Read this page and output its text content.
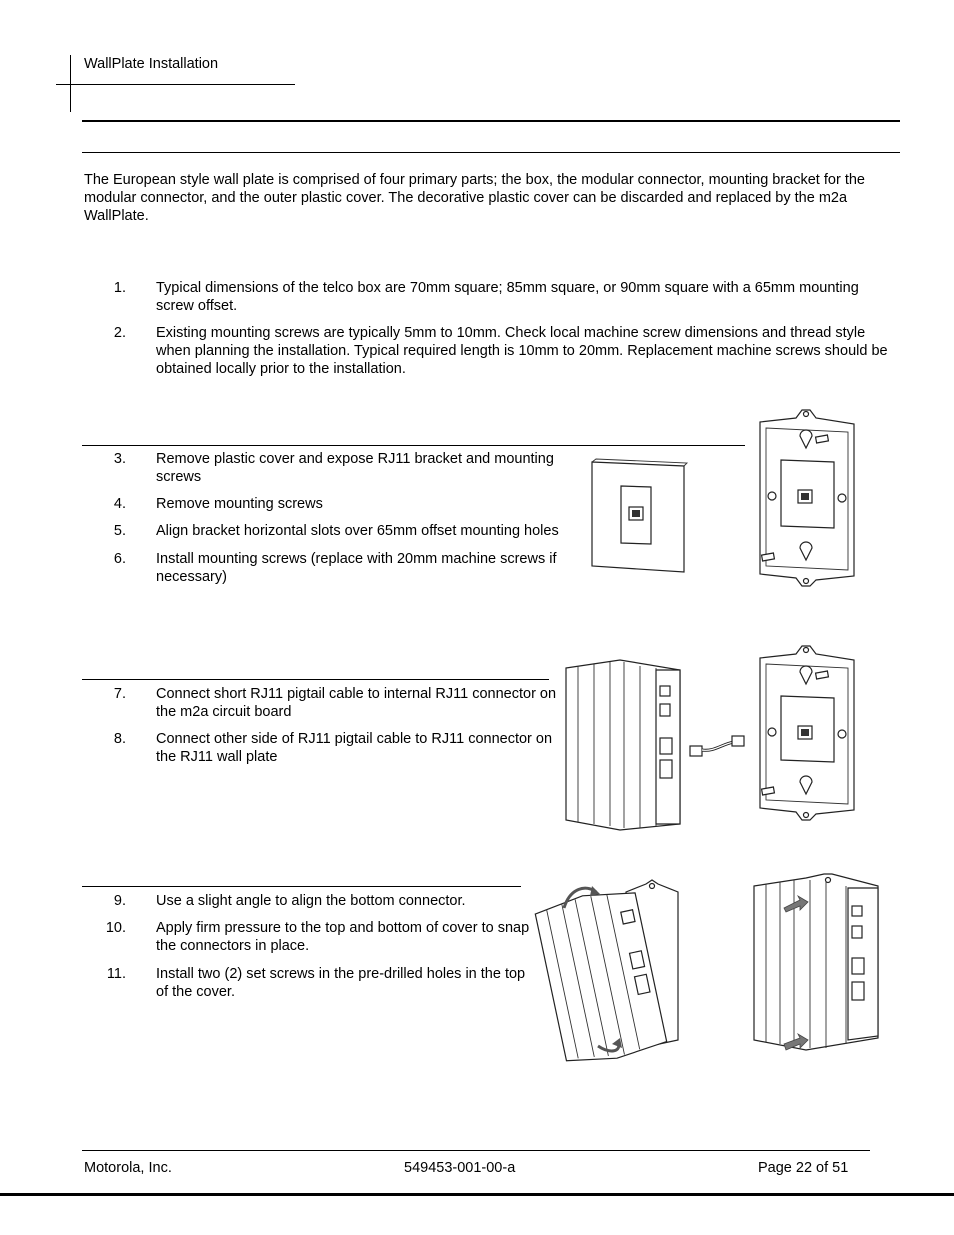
WallPlate Installation
The European style wall plate is comprised of four primary parts; the box, the modular connector, mounting bracket for the modular connector, and the outer plastic cover. The decorative plastic cover can be discarded and replaced by the m2a WallPlate.
1. Typical dimensions of the telco box are 70mm square; 85mm square, or 90mm square with a 65mm mounting screw offset.
2. Existing mounting screws are typically 5mm to 10mm. Check local machine screw dimensions and thread style when planning the installation. Typical required length is 10mm to 20mm. Replacement machine screws should be obtained locally prior to the installation.
3. Remove plastic cover and expose RJ11 bracket and mounting screws
4. Remove mounting screws
5. Align bracket horizontal slots over 65mm offset mounting holes
6. Install mounting screws (replace with 20mm machine screws if necessary)
7. Connect short RJ11 pigtail cable to internal RJ11 connector on the m2a circuit board
8. Connect other side of RJ11 pigtail cable to RJ11 connector on the RJ11 wall plate
9. Use a slight angle to align the bottom connector.
10. Apply firm pressure to the top and bottom of cover to snap the connectors in place.
11. Install two (2) set screws in the pre-drilled holes in the top of the cover.
Motorola, Inc.	549453-001-00-a	Page 22 of 51
